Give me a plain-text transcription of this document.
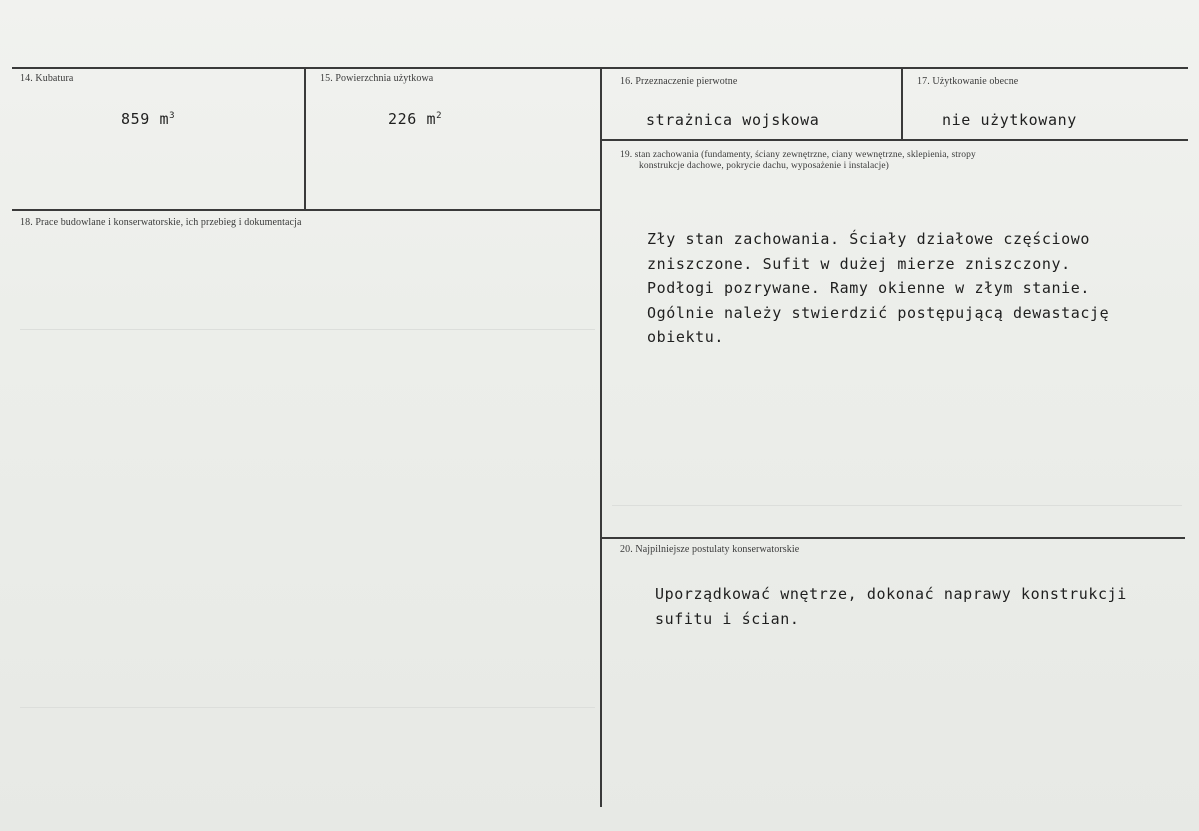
14. Kubatura
859 $m^3$
15. Powierzchnia użytkowa
226 $m^2$
16. Przeznaczenie pierwotne
strażnica wojskowa
17. Użytkowanie obecne
nie użytkowany
18. Prace budowlane i konserwatorskie, ich przebieg i dokumentacja
19. stan zachowania (fundamenty, ściany zewnętrzne, ciany wewnętrzne, sklepienia, stropy
konstrukcje dachowe, pokrycie dachu, wyposażenie i instalacje)
Zły stan zachowania. Ściały działowe częściowo
zniszczone. Sufit w dużej mierze zniszczony.
Podłogi pozrywane. Ramy okienne w złym stanie.
Ogólnie należy stwierdzić postępującą dewastację
obiektu.
20. Najpilniejsze postulaty konserwatorskie
Uporządkować wnętrze, dokonać naprawy konstrukcji
sufitu i ścian.
